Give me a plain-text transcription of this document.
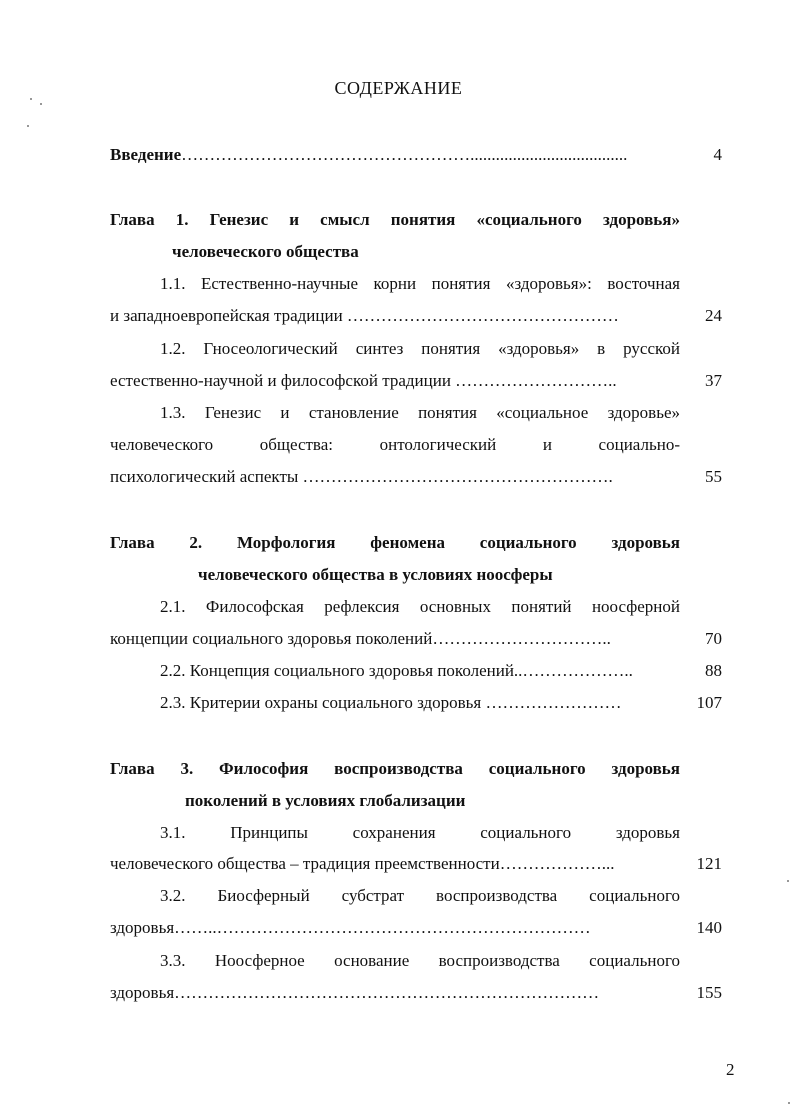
СОДЕРЖАНИЕ
Введение…………………………………………….....................................	4
Глава 1. Генезис и смысл понятия «социального здоровья»
человеческого общества
1.1. Естественно-научные корни понятия «здоровья»: восточная
и западноевропейская традиции …………………………………………	24
1.2. Гносеологический синтез понятия «здоровья» в русской
естественно-научной и философской традиции ………………………..	37
1.3. Генезис и становление понятия «социальное здоровье»
человеческого общества: онтологический и социально-
психологический аспекты ……………………………………………….	55
Глава 2. Морфология феномена социального здоровья
человеческого общества в условиях ноосферы
2.1. Философская рефлексия основных понятий ноосферной
концепции социального здоровья поколений…………………………..	70
2.2. Концепция социального здоровья поколений..………………..	88
2.3. Критерии охраны социального здоровья ……………………	107
Глава 3. Философия воспроизводства социального здоровья
поколений в условиях глобализации
3.1. Принципы сохранения социального здоровья
человеческого общества – традиция преемственности………………...	121
3.2. Биосферный субстрат воспроизводства социального
здоровья……..…………………………………………………………	140
3.3. Ноосферное основание воспроизводства социального
здоровья…………………………………………………………………	155
2
